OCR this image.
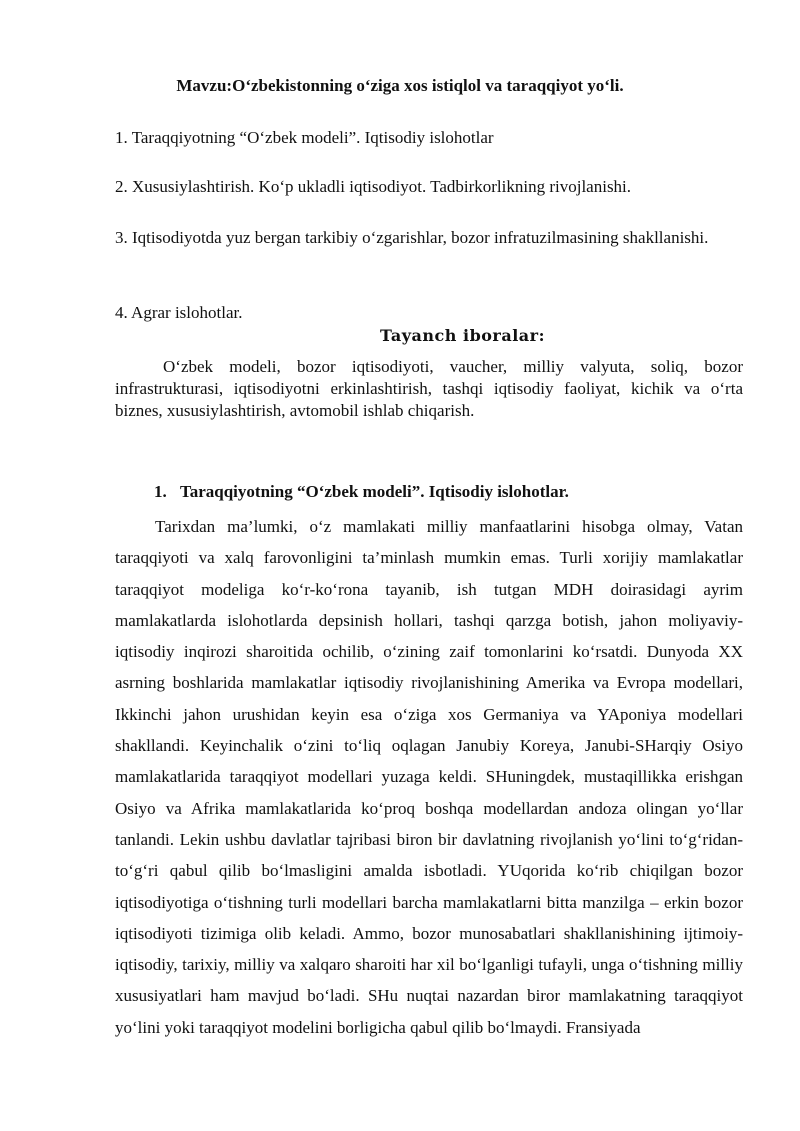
Mavzu:O‘zbekistonning o‘ziga xos istiqlol va taraqqiyot yo‘li.
1. Taraqqiyotning “O‘zbek modeli”. Iqtisodiy islohotlar
2. Xususiylashtirish. Ko‘p ukladli iqtisodiyot. Tadbirkorlikning rivojlanishi.
3. Iqtisodiyotda yuz bergan tarkibiy o‘zgarishlar, bozor infratuzilmasining shakllanishi.
4. Agrar islohotlar.
Tayanch iboralar:
O‘zbek modeli, bozor iqtisodiyoti, vaucher, milliy valyuta, soliq, bozor infrastrukturasi, iqtisodiyotni erkinlashtirish, tashqi iqtisodiy faoliyat, kichik va o‘rta biznes, xususiylashtirish, avtomobil ishlab chiqarish.
1. Taraqqiyotning “O‘zbek modeli”. Iqtisodiy islohotlar.

Tarixdan ma’lumki, o‘z mamlakati milliy manfaatlarini hisobga olmay, Vatan taraqqiyoti va xalq farovonligini ta’minlash mumkin emas. Turli xorijiy mamlakatlar taraqqiyot modeliga ko‘r-ko‘rona tayanib, ish tutgan MDH doirasidagi ayrim mamlakatlarda islohotlarda depsinish hollari, tashqi qarzga botish, jahon moliyaviy-iqtisodiy inqirozi sharoitida ochilib, o‘zining zaif tomonlarini ko‘rsatdi. Dunyoda XX asrning boshlarida mamlakatlar iqtisodiy rivojlanishining Amerika va Evropa modellari, Ikkinchi jahon urushidan keyin esa o‘ziga xos Germaniya va YAponiya modellari shakllandi. Keyinchalik o‘zini to‘liq oqlagan Janubiy Koreya, Janubi-SHarqiy Osiyo mamlakatlarida taraqqiyot modellari yuzaga keldi. SHuningdek, mustaqillikka erishgan Osiyo va Afrika mamlakatlarida ko‘proq boshqa modellardan andoza olingan yo‘llar tanlandi. Lekin ushbu davlatlar tajribasi biron bir davlatning rivojlanish yo‘lini to‘g‘ridan-to‘g‘ri qabul qilib bo‘lmasligini amalda isbotladi. YUqorida ko‘rib chiqilgan bozor iqtisodiyotiga o‘tishning turli modellari barcha mamlakatlarni bitta manzilga – erkin bozor iqtisodiyoti tizimiga olib keladi. Ammo, bozor munosabatlari shakllanishining ijtimoiy-iqtisodiy, tarixiy, milliy va xalqaro sharoiti har xil bo‘lganligi tufayli, unga o‘tishning milliy xususiyatlari ham mavjud bo‘ladi. SHu nuqtai nazardan biror mamlakatning taraqqiyot yo‘lini yoki taraqqiyot modelini borligicha qabul qilib bo‘lmaydi. Fransiyada
